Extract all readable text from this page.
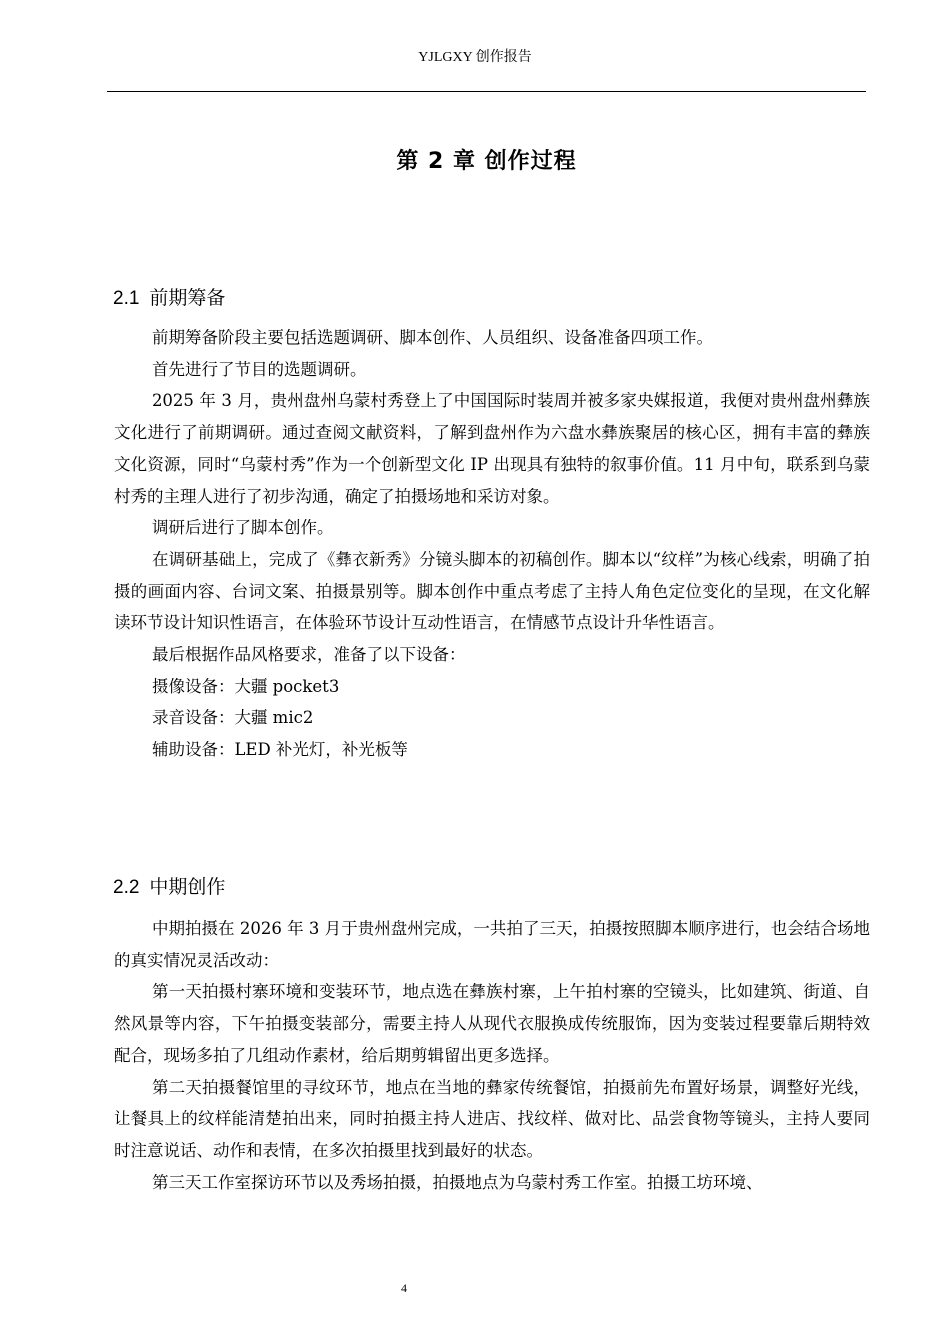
YJLGXY 创作报告
第 2 章 创作过程
2.1 前期筹备

前期筹备阶段主要包括选题调研、脚本创作、人员组织、设备准备四项工作。

首先进行了节目的选题调研。

2025 年 3 月，贵州盘州乌蒙村秀登上了中国国际时装周并被多家央媒报道，我便对贵州盘州彝族文化进行了前期调研。通过查阅文献资料，了解到盘州作为六盘水彝族聚居的核心区，拥有丰富的彝族文化资源，同时“乌蒙村秀”作为一个创新型文化 IP 出现具有独特的叙事价值。11 月中旬，联系到乌蒙村秀的主理人进行了初步沟通，确定了拍摄场地和采访对象。

调研后进行了脚本创作。

在调研基础上，完成了《彝衣新秀》分镜头脚本的初稿创作。脚本以“纹样”为核心线索，明确了拍摄的画面内容、台词文案、拍摄景别等。脚本创作中重点考虑了主持人角色定位变化的呈现，在文化解读环节设计知识性语言，在体验环节设计互动性语言，在情感节点设计升华性语言。

最后根据作品风格要求，准备了以下设备：

摄像设备：大疆 pocket3

录音设备：大疆 mic2

辅助设备：LED 补光灯，补光板等

2.2 中期创作

中期拍摄在 2026 年 3 月于贵州盘州完成，一共拍了三天，拍摄按照脚本顺序进行，也会结合场地的真实情况灵活改动：

第一天拍摄村寨环境和变装环节，地点选在彝族村寨，上午拍村寨的空镜头，比如建筑、街道、自然风景等内容，下午拍摄变装部分，需要主持人从现代衣服换成传统服饰，因为变装过程要靠后期特效配合，现场多拍了几组动作素材，给后期剪辑留出更多选择。

第二天拍摄餐馆里的寻纹环节，地点在当地的彝家传统餐馆，拍摄前先布置好场景，调整好光线，让餐具上的纹样能清楚拍出来，同时拍摄主持人进店、找纹样、做对比、品尝食物等镜头，主持人要同时注意说话、动作和表情，在多次拍摄里找到最好的状态。

第三天工作室探访环节以及秀场拍摄，拍摄地点为乌蒙村秀工作室。拍摄工坊环境、

4
